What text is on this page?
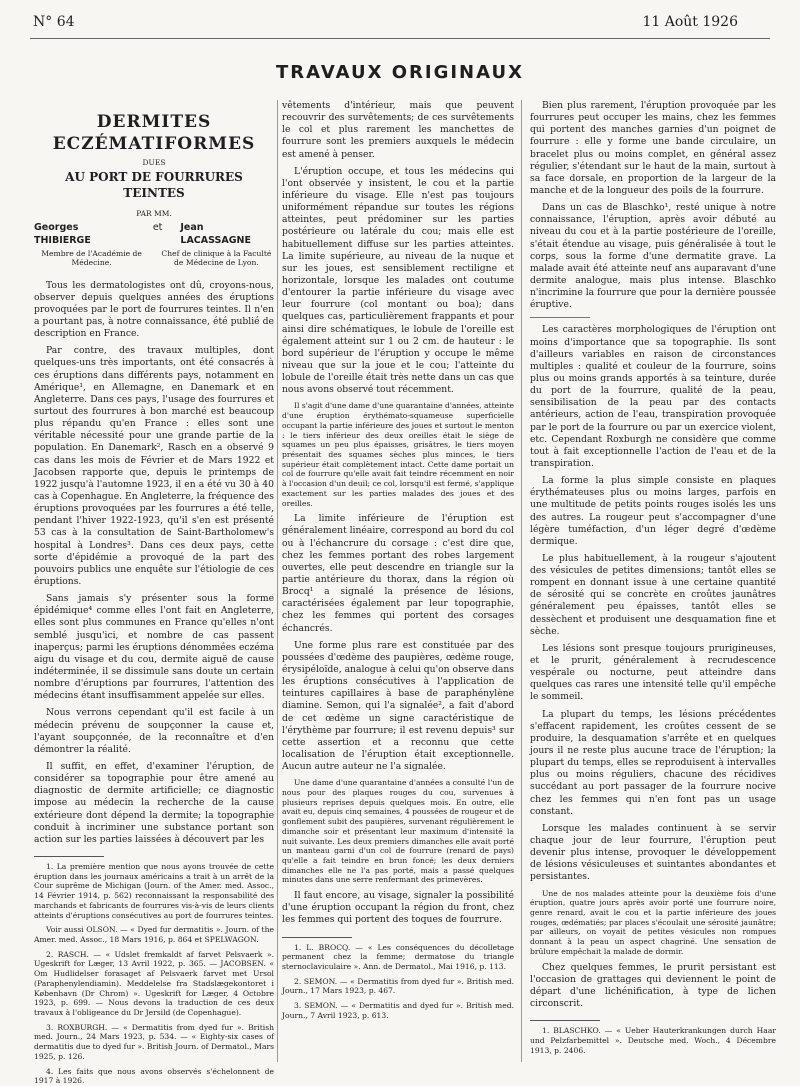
N° 64	11 Août 1926
TRAVAUX ORIGINAUX
DERMITES ECZÉMATIFORMES
DUES
AU PORT DE FOURRURES TEINTES
PAR MM.
Georges THIBIERGE
et Jean LACASSAGNE
Membre de l'Académie de Médecine.
Chef de clinique à la Faculté de Médecine de Lyon.

Tous les dermatologistes ont dû, croyons-nous, observer depuis quelques années des éruptions provoquées par le port de fourrures teintes. Il n'en a pourtant pas, à notre connaissance, été publié de description en France.

Par contre, des travaux multiples, dont quelques-uns très importants, ont été consacrés à ces éruptions dans différents pays, notamment en Amérique¹, en Allemagne, en Danemark et en Angleterre. Dans ces pays, l'usage des fourrures et surtout des fourrures à bon marché est beaucoup plus répandu qu'en France : elles sont une véritable nécessité pour une grande partie de la population. En Danemark², Rasch en a observé 9 cas dans les mois de Février et de Mars 1922 et Jacobsen rapporte que, depuis le printemps de 1922 jusqu'à l'automne 1923, il en a été vu 30 à 40 cas à Copenhague. En Angleterre, la fréquence des éruptions provoquées par les fourrures a été telle, pendant l'hiver 1922-1923, qu'il s'en est présenté 53 cas à la consultation de Saint-Bartholomew's hospital à Londres³. Dans ces deux pays, cette sorte d'épidémie a provoqué de la part des pouvoirs publics une enquête sur l'étiologie de ces éruptions.

Sans jamais s'y présenter sous la forme épidémique⁴ comme elles l'ont fait en Angleterre, elles sont plus communes en France qu'elles n'ont semblé jusqu'ici, et nombre de cas passent inaperçus; parmi les éruptions dénommées eczéma aigu du visage et du cou, dermite aiguë de cause indéterminée, il se dissimule sans doute un certain nombre d'éruptions par fourrures, l'attention des médecins étant insuffisamment appelée sur elles.

Nous verrons cependant qu'il est facile à un médecin prévenu de soupçonner la cause et, l'ayant soupçonnée, de la reconnaître et d'en démontrer la réalité.

Il suffit, en effet, d'examiner l'éruption, de considérer sa topographie pour être amené au diagnostic de dermite artificielle; ce diagnostic impose au médecin la recherche de la cause extérieure dont dépend la dermite; la topographie conduit à incriminer une substance portant son action sur les parties laissées à découvert par les

1. La première mention que nous ayons trouvée de cette éruption dans les journaux américains a trait à un arrêt de la Cour suprême de Michigan (Journ. of the Amer. med. Assoc., 14 Février 1914, p. 562) reconnaissant la responsabilité des marchands et fabricants de fourrures vis-à-vis de leurs clients atteints d'éruptions consécutives au port de fourrures teintes.

Voir aussi OLSON. — « Dyed fur dermatitis ». Journ. of the Amer. med. Assoc., 18 Mars 1916, p. 864 et SPELWAGON.

2. RASCH. — « Udslet fremkaldt af farvet Pelsvaerk ». Ugeskrift for Læger, 13 Avril 1922, p. 365. — JACOBSEN. « Om Hudlidelser forasaget af Pelsvaerk farvet met Ursol (Paraphenylendiamin). Meddelelse fra Stadslægekontoret i København (Dr Chrom) ». Ugeskrift for Læger, 4 Octobre 1923, p. 699. — Nous devons la traduction de ces deux travaux à l'obligeance du Dr Jersild (de Copenhague).

3. ROXBURGH. — « Dermatitis from dyed fur ». British med. Journ., 24 Mars 1923, p. 534. — « Eighty-six cases of dermatitis due to dyed fur ». British Journ. of Dermatol., Mars 1925, p. 126.

4. Les faits que nous avons observés s'échelonnent de 1917 à 1926.

vêtements d'intérieur, mais que peuvent recouvrir des survêtements; de ces survêtements le col et plus rarement les manchettes de fourrure sont les premiers auxquels le médecin est amené à penser.

L'éruption occupe, et tous les médecins qui l'ont observée y insistent, le cou et la partie inférieure du visage. Elle n'est pas toujours uniformément répandue sur toutes les régions atteintes, peut prédominer sur les parties postérieure ou latérale du cou; mais elle est habituellement diffuse sur les parties atteintes. La limite supérieure, au niveau de la nuque et sur les joues, est sensiblement rectiligne et horizontale, lorsque les malades ont coutume d'entourer la partie inférieure du visage avec leur fourrure (col montant ou boa); dans quelques cas, particulièrement frappants et pour ainsi dire schématiques, le lobule de l'oreille est également atteint sur 1 ou 2 cm. de hauteur : le bord supérieur de l'éruption y occupe le même niveau que sur la joue et le cou; l'atteinte du lobule de l'oreille était très nette dans un cas que nous avons observé tout récemment.

Il s'agit d'une dame d'une quarantaine d'années, atteinte d'une éruption érythémato-squameuse superficielle occupant la partie inférieure des joues et surtout le menton : le tiers inférieur des deux oreilles était le siège de squames un peu plus épaisses, grisâtres, le tiers moyen présentait des squames sèches plus minces, le tiers supérieur était complètement intact. Cette dame portait un col de fourrure qu'elle avait fait teindre récemment en noir à l'occasion d'un deuil; ce col, lorsqu'il est fermé, s'applique exactement sur les parties malades des joues et des oreilles.

La limite inférieure de l'éruption est généralement linéaire, correspond au bord du col ou à l'échancrure du corsage : c'est dire que, chez les femmes portant des robes largement ouvertes, elle peut descendre en triangle sur la partie antérieure du thorax, dans la région où Brocq¹ a signalé la présence de lésions, caractérisées également par leur topographie, chez les femmes qui portent des corsages échancrés.

Une forme plus rare est constituée par des poussées d'œdème des paupières, œdème rouge, érysipéloïde, analogue à celui qu'on observe dans les éruptions consécutives à l'application de teintures capillaires à base de paraphénylène diamine. Semon, qui l'a signalée², a fait d'abord de cet œdème un signe caractéristique de l'érythème par fourrure; il est revenu depuis³ sur cette assertion et a reconnu que cette localisation de l'éruption était exceptionnelle. Aucun autre auteur ne l'a signalée.

Une dame d'une quarantaine d'années a consulté l'un de nous pour des plaques rouges du cou, survenues à plusieurs reprises depuis quelques mois. En outre, elle avait eu, depuis cinq semaines, 4 poussées de rougeur et de gonflement subit des paupières, survenant régulièrement le dimanche soir et présentant leur maximum d'intensité la nuit suivante. Les deux premiers dimanches elle avait porté un manteau garni d'un col de fourrure (renard de pays) qu'elle a fait teindre en brun foncé; les deux derniers dimanches elle ne l'a pas porté, mais a passé quelques minutes dans une serre renfermant des primevères.

Il faut encore, au visage, signaler la possibilité d'une éruption occupant la région du front, chez les femmes qui portent des toques de fourrure.

1. L. BROCQ. — « Les conséquences du décolletage permanent chez la femme; dermatose du triangle sternoclaviculaire ». Ann. de Dermatol., Mai 1916, p. 113.

2. SEMON. — « Dermatitis from dyed fur ». British med. Journ., 17 Mars 1923, p. 467.

3. SEMON. — « Dermatitis and dyed fur ». British med. Journ., 7 Avril 1923, p. 613.

Bien plus rarement, l'éruption provoquée par les fourrures peut occuper les mains, chez les femmes qui portent des manches garnies d'un poignet de fourrure : elle y forme une bande circulaire, un bracelet plus ou moins complet, en général assez régulier, s'étendant sur le haut de la main, surtout à sa face dorsale, en proportion de la largeur de la manche et de la longueur des poils de la fourrure.

Dans un cas de Blaschko¹, resté unique à notre connaissance, l'éruption, après avoir débuté au niveau du cou et à la partie postérieure de l'oreille, s'était étendue au visage, puis généralisée à tout le corps, sous la forme d'une dermatite grave. La malade avait été atteinte neuf ans auparavant d'une dermite analogue, mais plus intense. Blaschko n'incrimine la fourrure que pour la dernière poussée éruptive.

Les caractères morphologiques de l'éruption ont moins d'importance que sa topographie. Ils sont d'ailleurs variables en raison de circonstances multiples : qualité et couleur de la fourrure, soins plus ou moins grands apportés à sa teinture, durée du port de la fourrure, qualité de la peau, sensibilisation de la peau par des contacts antérieurs, action de l'eau, transpiration provoquée par le port de la fourrure ou par un exercice violent, etc. Cependant Roxburgh ne considère que comme tout à fait exceptionnelle l'action de l'eau et de la transpiration.

La forme la plus simple consiste en plaques érythémateuses plus ou moins larges, parfois en une multitude de petits points rouges isolés les uns des autres. La rougeur peut s'accompagner d'une légère tuméfaction, d'un léger degré d'œdème dermique.

Le plus habituellement, à la rougeur s'ajoutent des vésicules de petites dimensions; tantôt elles se rompent en donnant issue à une certaine quantité de sérosité qui se concrète en croûtes jaunâtres généralement peu épaisses, tantôt elles se dessèchent et produisent une desquamation fine et sèche.

Les lésions sont presque toujours prurigineuses, et le prurit, généralement à recrudescence vespérale ou nocturne, peut atteindre dans quelques cas rares une intensité telle qu'il empêche le sommeil.

La plupart du temps, les lésions précédentes s'effacent rapidement, les croûtes cessent de se produire, la desquamation s'arrête et en quelques jours il ne reste plus aucune trace de l'éruption; la plupart du temps, elles se reproduisent à intervalles plus ou moins réguliers, chacune des récidives succédant au port passager de la fourrure nocive chez les femmes qui n'en font pas un usage constant.

Lorsque les malades continuent à se servir chaque jour de leur fourrure, l'éruption peut devenir plus intense, provoquer le développement de lésions vésiculeuses et suintantes abondantes et persistantes.

Une de nos malades atteinte pour la deuxième fois d'une éruption, quatre jours après avoir porté une fourrure noire, genre renard, avait le cou et la partie inférieure des joues rouges, œdématiés; par places s'écoulait une sérosité jaunâtre; par ailleurs, on voyait de petites vésicules non rompues donnant à la peau un aspect chagriné. Une sensation de brûlure empêchait la malade de dormir.

Chez quelques femmes, le prurit persistant est l'occasion de grattages qui deviennent le point de départ d'une lichénification, à type de lichen circonscrit.

1. BLASCHKO. — « Ueber Hauterkrankungen durch Haar und Pelzfarbemittel ». Deutsche med. Woch., 4 Décembre 1913, p. 2406.
